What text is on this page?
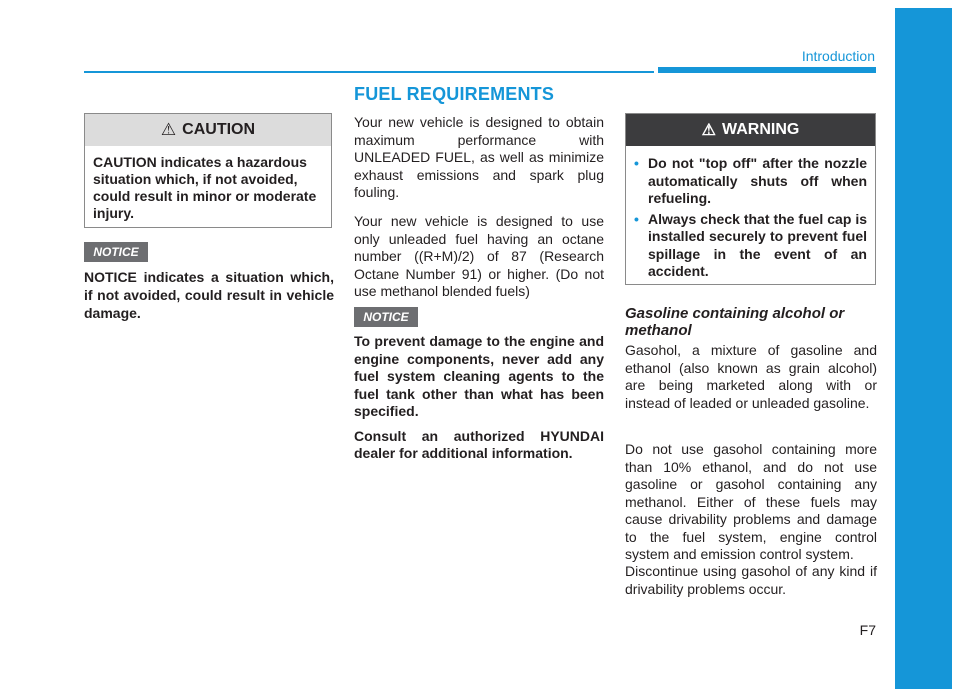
Introduction
FUEL REQUIREMENTS
⚠ CAUTION
CAUTION indicates a hazardous situation which, if not avoided, could result in minor or moderate injury.
NOTICE
NOTICE indicates a situation which, if not avoided, could result in vehicle damage.
Your new vehicle is designed to obtain maximum performance with UNLEADED FUEL, as well as minimize exhaust emissions and spark plug fouling.
Your new vehicle is designed to use only unleaded fuel having an octane number ((R+M)/2) of 87 (Research Octane Number 91) or higher. (Do not use methanol blended fuels)
NOTICE

To prevent damage to the engine and engine components, never add any fuel system cleaning agents to the fuel tank other than what has been specified.

Consult an authorized HYUNDAI dealer for additional information.

⚠ WARNING
• Do not "top off" after the nozzle automatically shuts off when refueling.
• Always check that the fuel cap is installed securely to prevent fuel spillage in the event of an accident.
Gasoline containing alcohol or methanol
Gasohol, a mixture of gasoline and ethanol (also known as grain alcohol) are being marketed along with or instead of leaded or unleaded gasoline.
Do not use gasohol containing more than 10% ethanol, and do not use gasoline or gasohol containing any methanol. Either of these fuels may cause drivability problems and damage to the fuel system, engine control system and emission control system.
Discontinue using gasohol of any kind if drivability problems occur.
F7
